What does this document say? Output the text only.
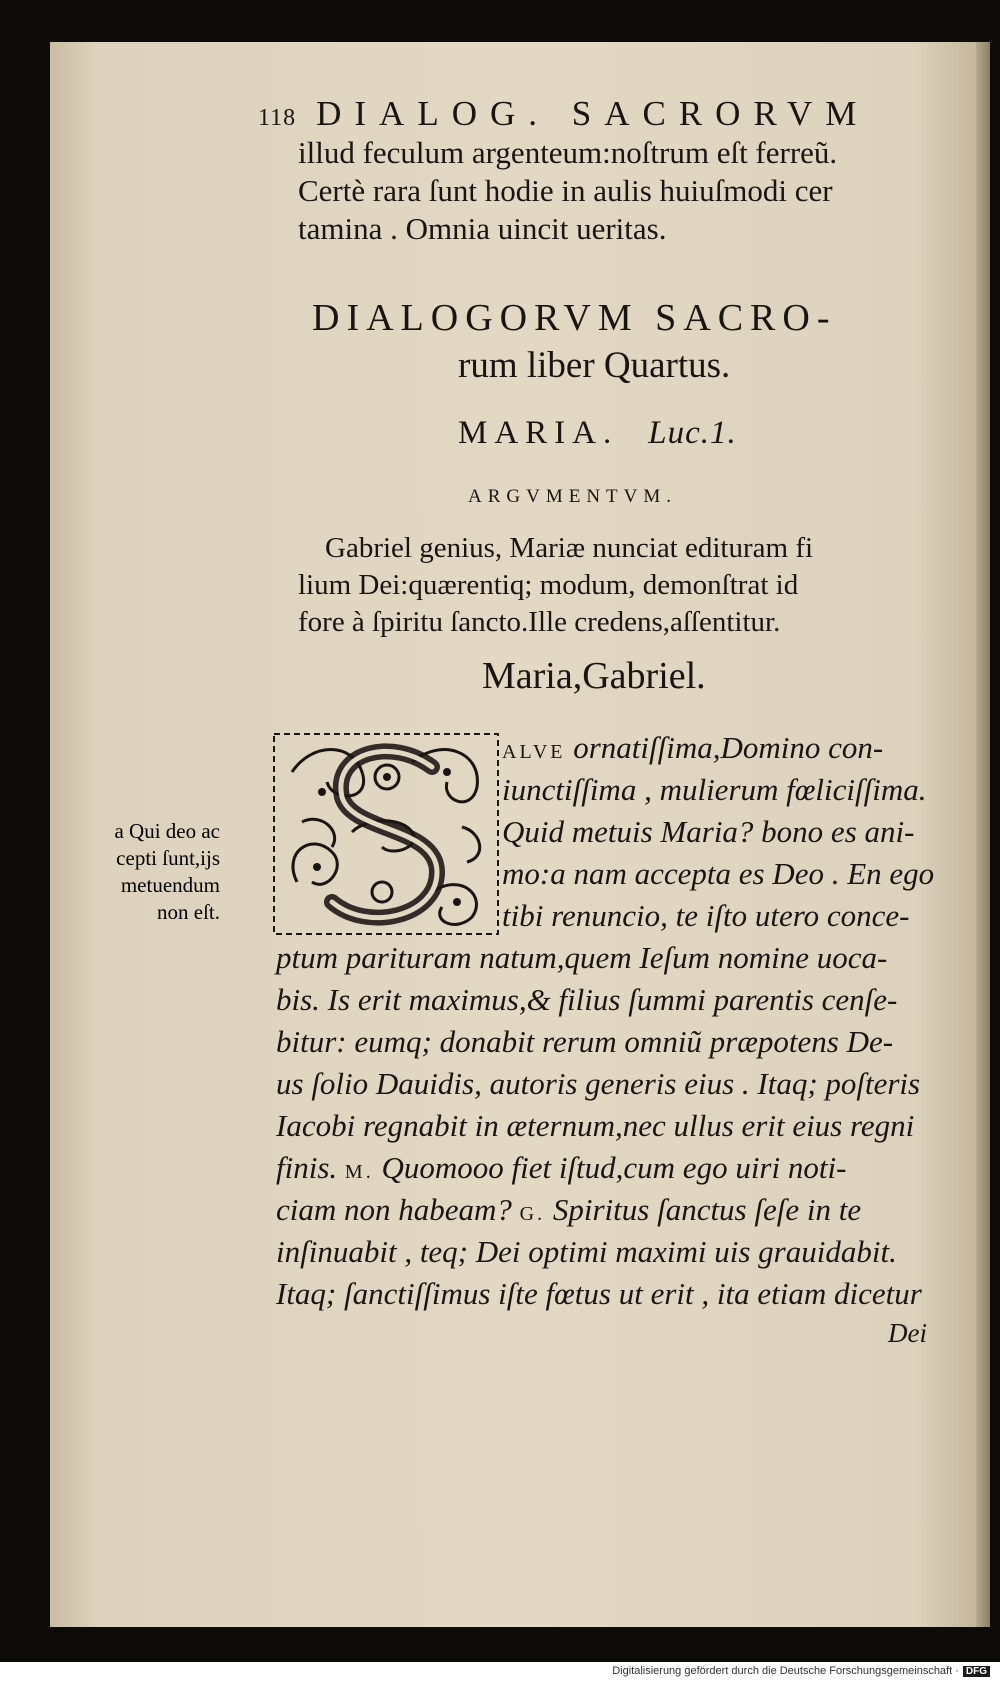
118 DIALOG. SACRORVM
illud feculum argenteum:noſtrum eſt ferreũ.
Certè rara ſunt hodie in aulis huiuſmodi cer
tamina . Omnia uincit ueritas.
DIALOGORVM SACRO-
rum liber Quartus.
MARIA. Luc.1.
ARGVMENTVM.
Gabriel genius, Mariæ nunciat edituram fi
lium Dei:quærentiq; modum, demonſtrat id
fore à ſpiritu ſancto.Ille credens,aſſentitur.
Maria,Gabriel.
ALVE ornatiſſima,Domino con-
iunctiſſima , mulierum fœliciſſima.
Quid metuis Maria? bono es ani-
mo:a nam accepta es Deo . En ego
tibi renuncio, te iſto utero conce-
ptum parituram natum,quem Ieſum nomine uoca-
bis. Is erit maximus,& filius ſummi parentis cenſe-
bitur: eumq; donabit rerum omniũ præpotens De-
us ſolio Dauidis, autoris generis eius . Itaq; poſteris
Iacobi regnabit in æternum,nec ullus erit eius regni
finis. M. Quomooo fiet iſtud,cum ego uiri noti-
ciam non habeam? G. Spiritus ſanctus ſeſe in te
inſinuabit , teq; Dei optimi maximi uis grauidabit.
Itaq; ſanctiſſimus iſte fœtus ut erit , ita etiam dicetur
Dei
a Qui deo ac
cepti ſunt,ijs
metuendum
non eſt.
Digitalisierung gefördert durch die Deutsche Forschungsgemeinschaft · DFG
